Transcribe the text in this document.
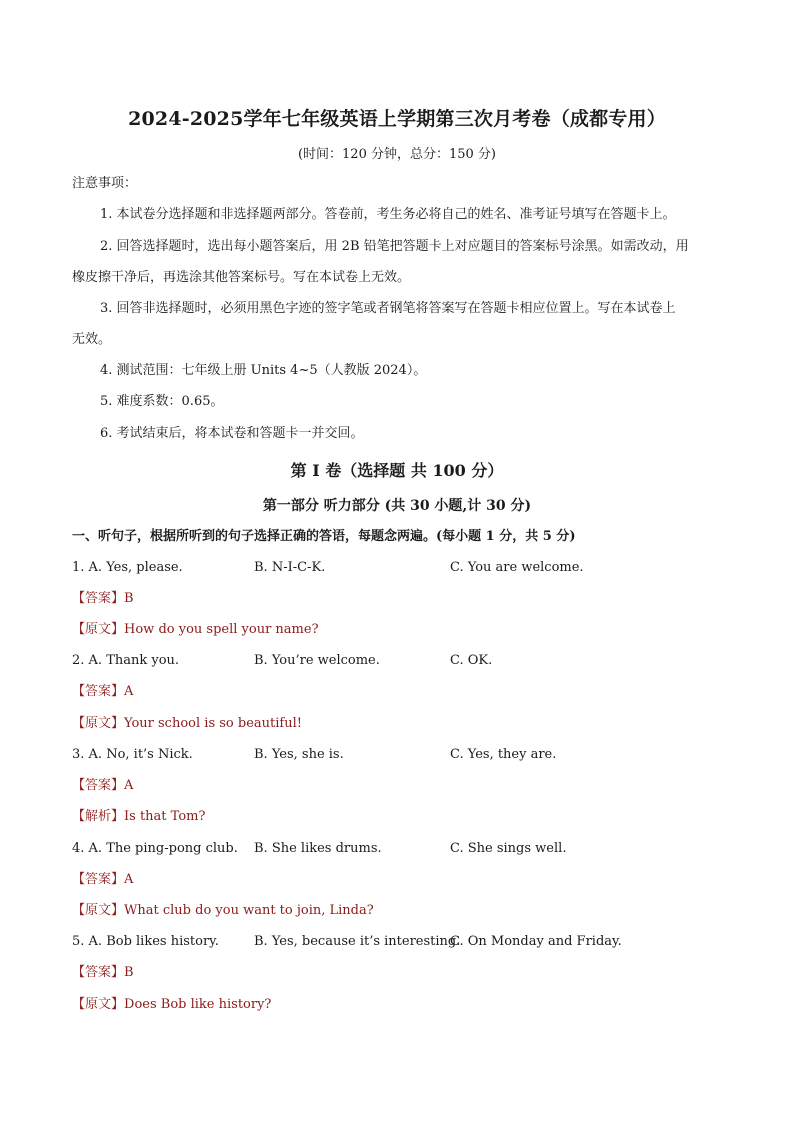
2024-2025学年七年级英语上学期第三次月考卷（成都专用）
(时间：120 分钟，总分：150 分)
注意事项：
1. 本试卷分选择题和非选择题两部分。答卷前，考生务必将自己的姓名、准考证号填写在答题卡上。
2. 回答选择题时，选出每小题答案后，用 2B 铅笔把答题卡上对应题目的答案标号涂黑。如需改动，用
橡皮擦干净后，再选涂其他答案标号。写在本试卷上无效。
3. 回答非选择题时，必须用黑色字迹的签字笔或者钢笔将答案写在答题卡相应位置上。写在本试卷上
无效。
4. 测试范围：七年级上册 Units 4~5（人教版 2024）。
5. 难度系数：0.65。
6. 考试结束后，将本试卷和答题卡一并交回。
第 I 卷（选择题 共 100 分）
第一部分 听力部分 (共 30 小题,计 30 分)
一、听句子，根据所听到的句子选择正确的答语，每题念两遍。(每小题 1 分，共 5 分)
1. A. Yes, please.	B. N-I-C-K.	C. You are welcome.
【答案】B
【原文】How do you spell your name?
2. A. Thank you.	B. You’re welcome.	C. OK.
【答案】A
【原文】Your school is so beautiful!
3. A. No, it’s Nick.	B. Yes, she is.	C. Yes, they are.
【答案】A
【解析】Is that Tom?
4. A. The ping-pong club. B. She likes drums.	C. She sings well.
【答案】A
【原文】What club do you want to join, Linda?
5. A. Bob likes history.	B. Yes, because it’s interesting.
C. On Monday and Friday.
【答案】B
【原文】Does Bob like history?
